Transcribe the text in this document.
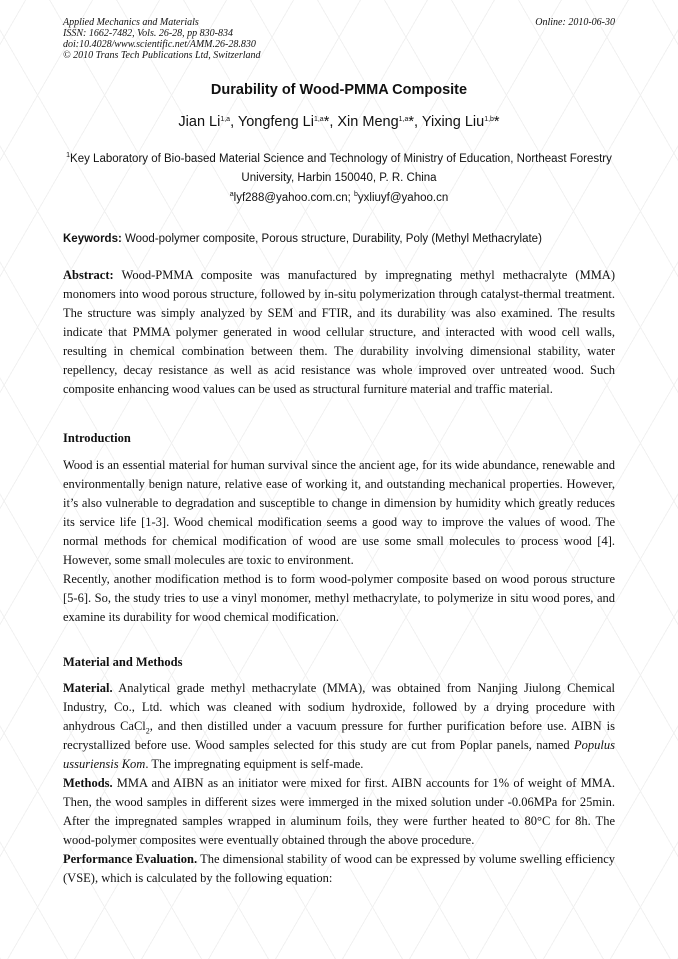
Applied Mechanics and Materials
ISSN: 1662-7482, Vols. 26-28, pp 830-834
doi:10.4028/www.scientific.net/AMM.26-28.830
© 2010 Trans Tech Publications Ltd, Switzerland
Online: 2010-06-30
Durability of Wood-PMMA Composite
Jian Li$^{1,a}$, Yongfeng Li$^{1,a}$*, Xin Meng$^{1,a}$*, Yixing Liu$^{1,b}$*
$^1$Key Laboratory of Bio-based Material Science and Technology of Ministry of Education, Northeast Forestry University, Harbin 150040, P. R. China
$^a$lyf288@yahoo.com.cn; $^b$yxliuyf@yahoo.cn
Keywords: Wood-polymer composite, Porous structure, Durability, Poly (Methyl Methacrylate)

Abstract: Wood-PMMA composite was manufactured by impregnating methyl methacralyte (MMA) monomers into wood porous structure, followed by in-situ polymerization through catalyst-thermal treatment. The structure was simply analyzed by SEM and FTIR, and its durability was also examined. The results indicate that PMMA polymer generated in wood cellular structure, and interacted with wood cell walls, resulting in chemical combination between them. The durability involving dimensional stability, water repellency, decay resistance as well as acid resistance was whole improved over untreated wood. Such composite enhancing wood values can be used as structural furniture material and traffic material.

Introduction

Wood is an essential material for human survival since the ancient age, for its wide abundance, renewable and environmentally benign nature, relative ease of working it, and outstanding mechanical properties. However, it’s also vulnerable to degradation and susceptible to change in dimension by humidity which greatly reduces its service life [1-3]. Wood chemical modification seems a good way to improve the values of wood. The normal methods for chemical modification of wood are use some small molecules to process wood [4]. However, some small molecules are toxic to environment.

Recently, another modification method is to form wood-polymer composite based on wood porous structure [5-6]. So, the study tries to use a vinyl monomer, methyl methacrylate, to polymerize in situ wood pores, and examine its durability for wood chemical modification.

Material and Methods

Material. Analytical grade methyl methacrylate (MMA), was obtained from Nanjing Jiulong Chemical Industry, Co., Ltd. which was cleaned with sodium hydroxide, followed by a drying procedure with anhydrous CaCl$_2$, and then distilled under a vacuum pressure for further purification before use. AIBN is recrystallized before use. Wood samples selected for this study are cut from Poplar panels, named Populus ussuriensis Kom. The impregnating equipment is self-made.

Methods. MMA and AIBN as an initiator were mixed for first. AIBN accounts for 1% of weight of MMA. Then, the wood samples in different sizes were immerged in the mixed solution under -0.06MPa for 25min. After the impregnated samples wrapped in aluminum foils, they were further heated to 80°C for 8h. The wood-polymer composites were eventually obtained through the above procedure.

Performance Evaluation. The dimensional stability of wood can be expressed by volume swelling efficiency (VSE), which is calculated by the following equation:
